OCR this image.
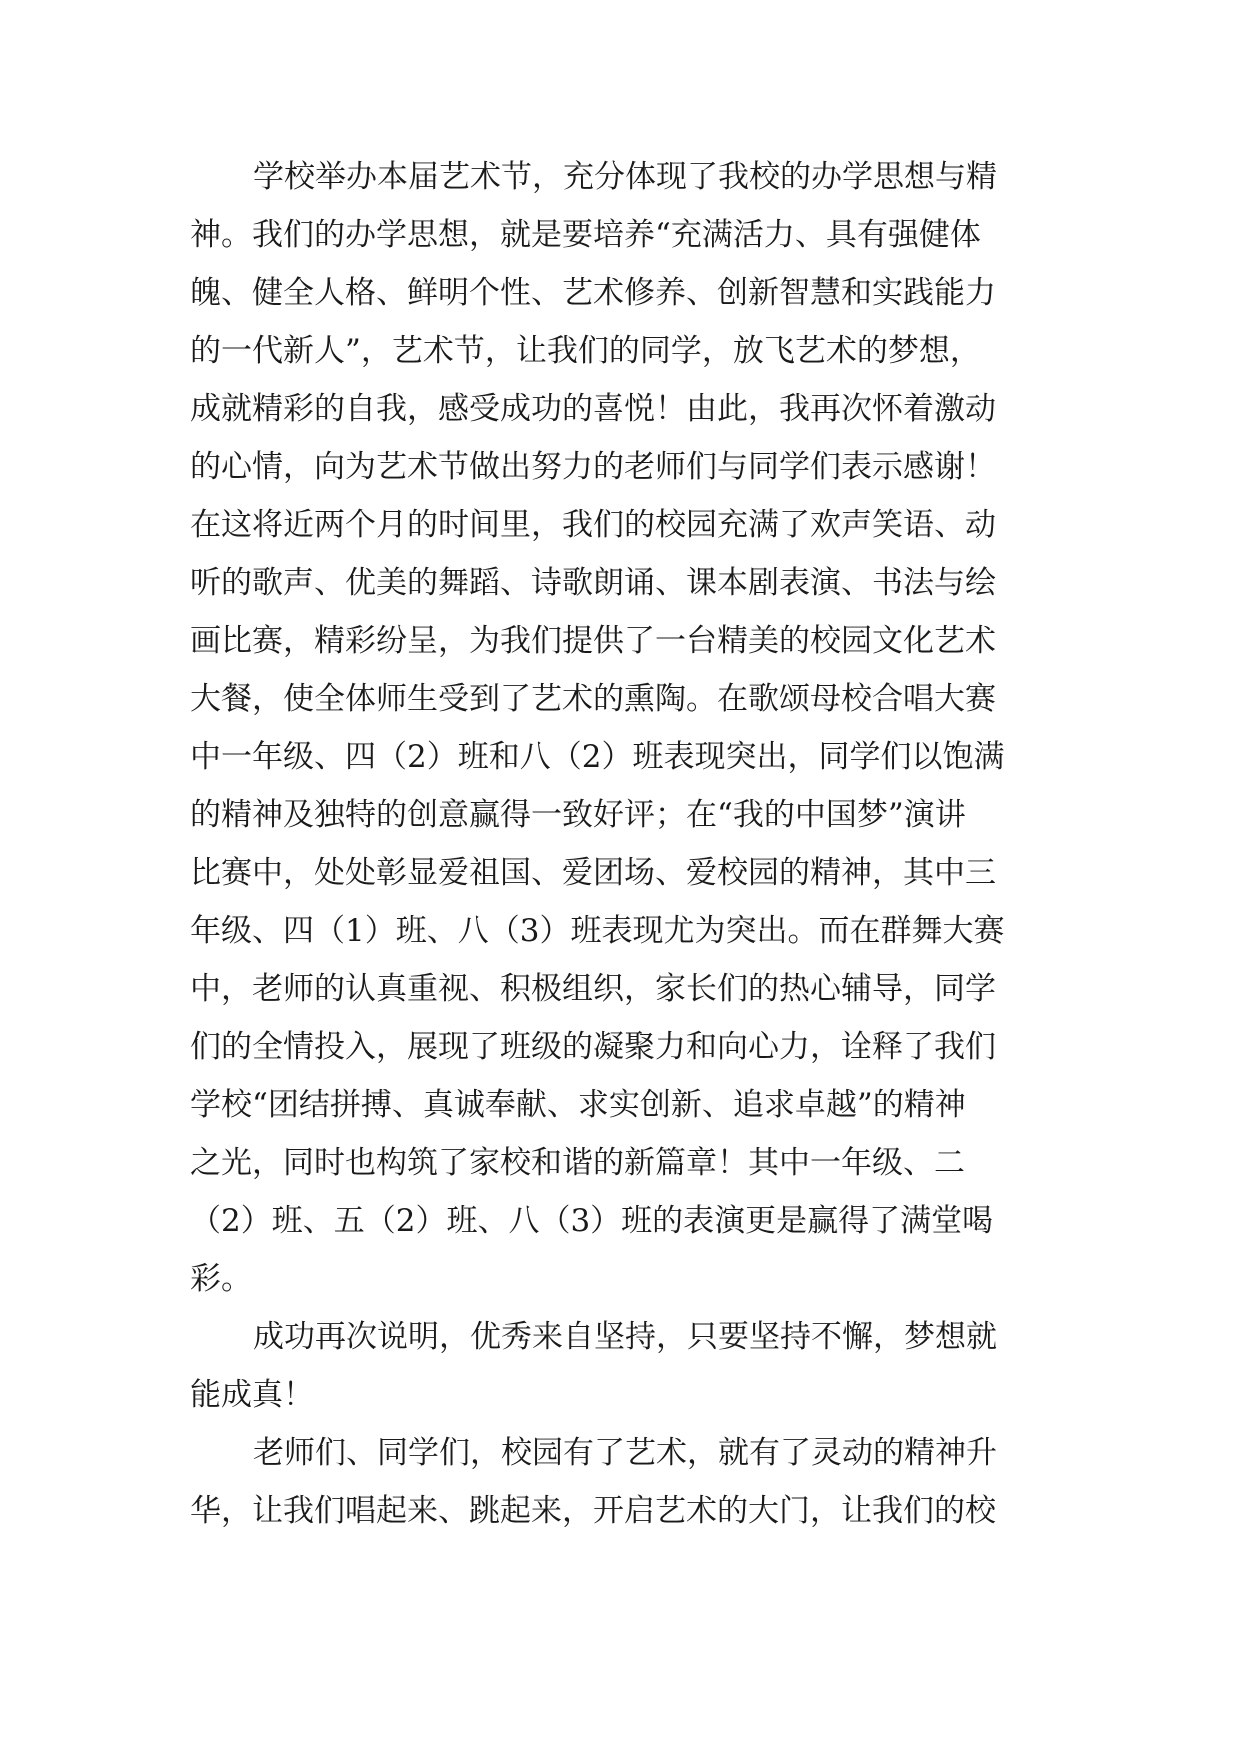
学校举办本届艺术节，充分体现了我校的办学思想与精
神。我们的办学思想，就是要培养“充满活力、具有强健体
魄、健全人格、鲜明个性、艺术修养、创新智慧和实践能力
的一代新人”，艺术节，让我们的同学，放飞艺术的梦想，
成就精彩的自我，感受成功的喜悦！由此，我再次怀着激动
的心情，向为艺术节做出努力的老师们与同学们表示感谢！
在这将近两个月的时间里，我们的校园充满了欢声笑语、动
听的歌声、优美的舞蹈、诗歌朗诵、课本剧表演、书法与绘
画比赛，精彩纷呈，为我们提供了一台精美的校园文化艺术
大餐，使全体师生受到了艺术的熏陶。在歌颂母校合唱大赛
中一年级、四（2）班和八（2）班表现突出，同学们以饱满
的精神及独特的创意赢得一致好评；在“我的中国梦”演讲
比赛中，处处彰显爱祖国、爱团场、爱校园的精神，其中三
年级、四（1）班、八（3）班表现尤为突出。而在群舞大赛
中，老师的认真重视、积极组织，家长们的热心辅导，同学
们的全情投入，展现了班级的凝聚力和向心力，诠释了我们
学校“团结拼搏、真诚奉献、求实创新、追求卓越”的精神
之光，同时也构筑了家校和谐的新篇章！其中一年级、二
（2）班、五（2）班、八（3）班的表演更是赢得了满堂喝
彩。
成功再次说明，优秀来自坚持，只要坚持不懈，梦想就
能成真！
老师们、同学们，校园有了艺术，就有了灵动的精神升
华，让我们唱起来、跳起来，开启艺术的大门，让我们的校
